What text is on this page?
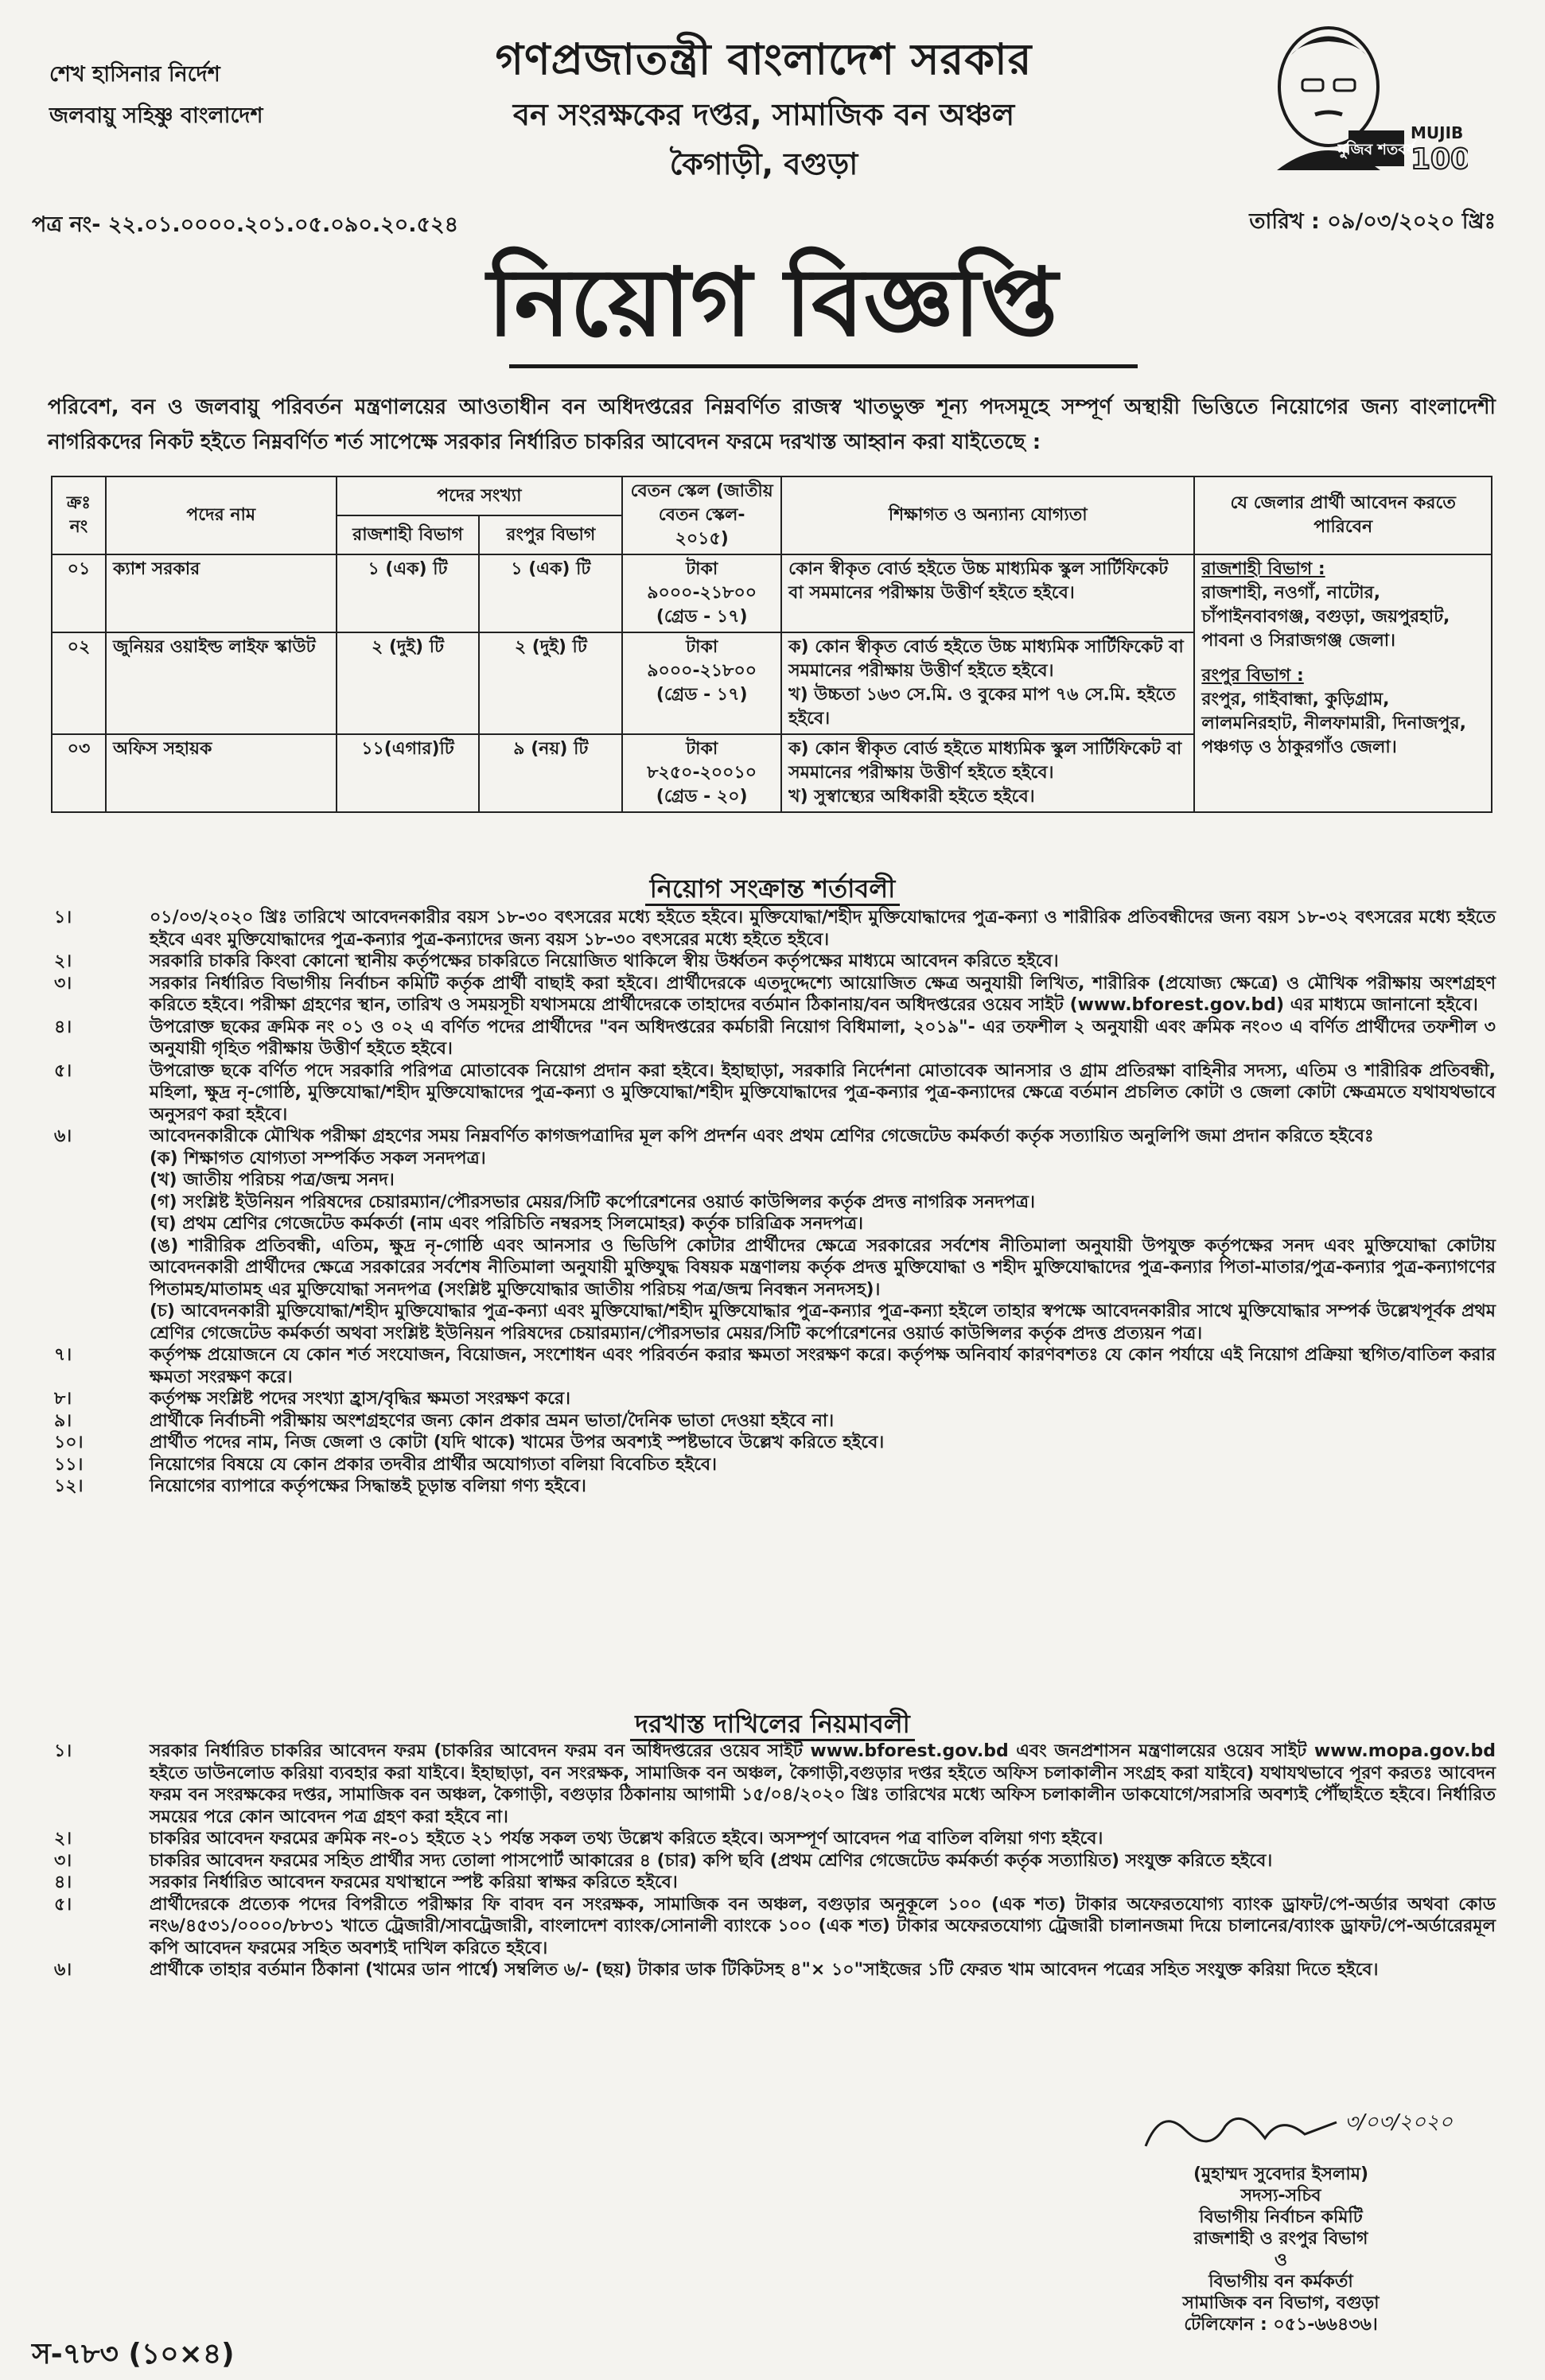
শেখ হাসিনার নির্দেশ
জলবায়ু সহিষ্ণু বাংলাদেশ
গণপ্রজাতন্ত্রী বাংলাদেশ সরকার
বন সংরক্ষকের দপ্তর, সামাজিক বন অঞ্চল
কৈগাড়ী, বগুড়া	মুজিব শতবর্ষ
MUJIB
100
পত্র নং- ২২.০১.০০০০.২০১.০৫.০৯০.২০.৫২৪	তারিখ : ০৯/০৩/২০২০ খ্রিঃ
নিয়োগ বিজ্ঞপ্তি
পরিবেশ, বন ও জলবায়ু পরিবর্তন মন্ত্রণালয়ের আওতাধীন বন অধিদপ্তরের নিম্নবর্ণিত রাজস্ব খাতভুক্ত শূন্য পদসমূহে সম্পূর্ণ অস্থায়ী ভিত্তিতে নিয়োগের জন্য বাংলাদেশী নাগরিকদের নিকট হইতে নিম্নবর্ণিত শর্ত সাপেক্ষে সরকার নির্ধারিত চাকরির আবেদন ফরমে দরখাস্ত আহ্বান করা যাইতেছে :
ক্রঃ নং	পদের নাম	পদের সংখ্যা		বেতন স্কেল (জাতীয় বেতন স্কেল- ২০১৫)	শিক্ষাগত ও অন্যান্য যোগ্যতা	যে জেলার প্রার্থী আবেদন করতে পারিবেন
		রাজশাহী বিভাগ	রংপুর বিভাগ			
০১	ক্যাশ সরকার	১ (এক) টি	১ (এক) টি	টাকা ৯০০০-২১৮০০ (গ্রেড - ১৭)	কোন স্বীকৃত বোর্ড হইতে উচ্চ মাধ্যমিক স্কুল সার্টিফিকেট বা সমমানের পরীক্ষায় উত্তীর্ণ হইতে হইবে।	রাজশাহী বিভাগ :
রাজশাহী, নওগাঁ, নাটোর, চাঁপাইনবাবগঞ্জ, বগুড়া, জয়পুরহাট, পাবনা ও সিরাজগঞ্জ জেলা।
রংপুর বিভাগ :
রংপুর, গাইবান্ধা, কুড়িগ্রাম, লালমনিরহাট, নীলফামারী, দিনাজপুর, পঞ্চগড় ও ঠাকুরগাঁও জেলা।

০২	জুনিয়র ওয়াইল্ড লাইফ স্কাউট	২ (দুই) টি	২ (দুই) টি	টাকা ৯০০০-২১৮০০ (গ্রেড - ১৭)	ক) কোন স্বীকৃত বোর্ড হইতে উচ্চ মাধ্যমিক সার্টিফিকেট বা সমমানের পরীক্ষায় উত্তীর্ণ হইতে হইবে।
খ) উচ্চতা ১৬৩ সে.মি. ও বুকের মাপ ৭৬ সে.মি. হইতে হইবে।	

০৩	অফিস সহায়ক	১১(এগার)টি	৯ (নয়) টি	টাকা ৮২৫০-২০০১০ (গ্রেড - ২০)	ক) কোন স্বীকৃত বোর্ড হইতে মাধ্যমিক স্কুল সার্টিফিকেট বা সমমানের পরীক্ষায় উত্তীর্ণ হইতে হইবে।
খ) সুস্বাস্থ্যের অধিকারী হইতে হইবে।	
নিয়োগ সংক্রান্ত শর্তাবলী
১।	০১/০৩/২০২০ খ্রিঃ তারিখে আবেদনকারীর বয়স ১৮-৩০ বৎসরের মধ্যে হইতে হইবে। মুক্তিযোদ্ধা/শহীদ মুক্তিযোদ্ধাদের পুত্র-কন্যা ও শারীরিক প্রতিবন্ধীদের জন্য বয়স ১৮-৩২ বৎসরের মধ্যে হইতে হইবে এবং মুক্তিযোদ্ধাদের পুত্র-কন্যার পুত্র-কন্যাদের জন্য বয়স ১৮-৩০ বৎসরের মধ্যে হইতে হইবে।
২।	সরকারি চাকরি কিংবা কোনো স্থানীয় কর্তৃপক্ষের চাকরিতে নিয়োজিত থাকিলে স্বীয় উর্ধ্বতন কর্তৃপক্ষের মাধ্যমে আবেদন করিতে হইবে।
৩।	সরকার নির্ধারিত বিভাগীয় নির্বাচন কমিটি কর্তৃক প্রার্থী বাছাই করা হইবে। প্রার্থীদেরকে এতদুদ্দেশ্যে আয়োজিত ক্ষেত্র অনুযায়ী লিখিত, শারীরিক (প্রযোজ্য ক্ষেত্রে) ও মৌখিক পরীক্ষায় অংশগ্রহণ করিতে হইবে। পরীক্ষা গ্রহণের স্থান, তারিখ ও সময়সূচী যথাসময়ে প্রার্থীদেরকে তাহাদের বর্তমান ঠিকানায়/বন অধিদপ্তরের ওয়েব সাইট (www.bforest.gov.bd) এর মাধ্যমে জানানো হইবে।
৪।	উপরোক্ত ছকের ক্রমিক নং ০১ ও ০২ এ বর্ণিত পদের প্রার্থীদের "বন অধিদপ্তরের কর্মচারী নিয়োগ বিধিমালা, ২০১৯"- এর তফশীল ২ অনুযায়ী এবং ক্রমিক নং০৩ এ বর্ণিত প্রার্থীদের তফশীল ৩ অনুযায়ী গৃহিত পরীক্ষায় উত্তীর্ণ হইতে হইবে।
৫।	উপরোক্ত ছকে বর্ণিত পদে সরকারি পরিপত্র মোতাবেক নিয়োগ প্রদান করা হইবে। ইহাছাড়া, সরকারি নির্দেশনা মোতাবেক আনসার ও গ্রাম প্রতিরক্ষা বাহিনীর সদস্য, এতিম ও শারীরিক প্রতিবন্ধী, মহিলা, ক্ষুদ্র নৃ-গোষ্ঠি, মুক্তিযোদ্ধা/শহীদ মুক্তিযোদ্ধাদের পুত্র-কন্যা ও মুক্তিযোদ্ধা/শহীদ মুক্তিযোদ্ধাদের পুত্র-কন্যার পুত্র-কন্যাদের ক্ষেত্রে বর্তমান প্রচলিত কোটা ও জেলা কোটা ক্ষেত্রমতে যথাযথভাবে অনুসরণ করা হইবে।
৬।	আবেদনকারীকে মৌখিক পরীক্ষা গ্রহণের সময় নিম্নবর্ণিত কাগজপত্রাদির মূল কপি প্রদর্শন এবং প্রথম শ্রেণির গেজেটেড কর্মকর্তা কর্তৃক সত্যায়িত অনুলিপি জমা প্রদান করিতে হইবেঃ
(ক) শিক্ষাগত যোগ্যতা সম্পর্কিত সকল সনদপত্র।
(খ) জাতীয় পরিচয় পত্র/জন্ম সনদ।
(গ) সংশ্লিষ্ট ইউনিয়ন পরিষদের চেয়ারম্যান/পৌরসভার মেয়র/সিটি কর্পোরেশনের ওয়ার্ড কাউন্সিলর কর্তৃক প্রদত্ত নাগরিক সনদপত্র।
(ঘ) প্রথম শ্রেণির গেজেটেড কর্মকর্তা (নাম এবং পরিচিতি নম্বরসহ সিলমোহর) কর্তৃক চারিত্রিক সনদপত্র।
(ঙ) শারীরিক প্রতিবন্ধী, এতিম, ক্ষুদ্র নৃ-গোষ্ঠি এবং আনসার ও ভিডিপি কোটার প্রার্থীদের ক্ষেত্রে সরকারের সর্বশেষ নীতিমালা অনুযায়ী উপযুক্ত কর্তৃপক্ষের সনদ এবং মুক্তিযোদ্ধা কোটায় আবেদনকারী প্রার্থীদের ক্ষেত্রে সরকারের সর্বশেষ নীতিমালা অনুযায়ী মুক্তিযুদ্ধ বিষয়ক মন্ত্রণালয় কর্তৃক প্রদত্ত মুক্তিযোদ্ধা ও শহীদ মুক্তিযোদ্ধাদের পুত্র-কন্যার পিতা-মাতার/পুত্র-কন্যার পুত্র-কন্যাগণের পিতামহ/মাতামহ এর মুক্তিযোদ্ধা সনদপত্র (সংশ্লিষ্ট মুক্তিযোদ্ধার জাতীয় পরিচয় পত্র/জন্ম নিবন্ধন সনদসহ)।
(চ) আবেদনকারী মুক্তিযোদ্ধা/শহীদ মুক্তিযোদ্ধার পুত্র-কন্যা এবং মুক্তিযোদ্ধা/শহীদ মুক্তিযোদ্ধার পুত্র-কন্যার পুত্র-কন্যা হইলে তাহার স্বপক্ষে আবেদনকারীর সাথে মুক্তিযোদ্ধার সম্পর্ক উল্লেখপূর্বক প্রথম শ্রেণির গেজেটেড কর্মকর্তা অথবা সংশ্লিষ্ট ইউনিয়ন পরিষদের চেয়ারম্যান/পৌরসভার মেয়র/সিটি কর্পোরেশনের ওয়ার্ড কাউন্সিলর কর্তৃক প্রদত্ত প্রত্যয়ন পত্র।
৭।	কর্তৃপক্ষ প্রয়োজনে যে কোন শর্ত সংযোজন, বিয়োজন, সংশোধন এবং পরিবর্তন করার ক্ষমতা সংরক্ষণ করে। কর্তৃপক্ষ অনিবার্য কারণবশতঃ যে কোন পর্যায়ে এই নিয়োগ প্রক্রিয়া স্থগিত/বাতিল করার ক্ষমতা সংরক্ষণ করে।
৮।	কর্তৃপক্ষ সংশ্লিষ্ট পদের সংখ্যা হ্রাস/বৃদ্ধির ক্ষমতা সংরক্ষণ করে।
৯।	প্রার্থীকে নির্বাচনী পরীক্ষায় অংশগ্রহণের জন্য কোন প্রকার ভ্রমন ভাতা/দৈনিক ভাতা দেওয়া হইবে না।
১০।	প্রার্থীত পদের নাম, নিজ জেলা ও কোটা (যদি থাকে) খামের উপর অবশ্যই স্পষ্টভাবে উল্লেখ করিতে হইবে।
১১।	নিয়োগের বিষয়ে যে কোন প্রকার তদবীর প্রার্থীর অযোগ্যতা বলিয়া বিবেচিত হইবে।
১২।	নিয়োগের ব্যাপারে কর্তৃপক্ষের সিদ্ধান্তই চূড়ান্ত বলিয়া গণ্য হইবে।
দরখাস্ত দাখিলের নিয়মাবলী
১।	সরকার নির্ধারিত চাকরির আবেদন ফরম (চাকরির আবেদন ফরম বন অধিদপ্তরের ওয়েব সাইট www.bforest.gov.bd এবং জনপ্রশাসন মন্ত্রণালয়ের ওয়েব সাইট www.mopa.gov.bd হইতে ডাউনলোড করিয়া ব্যবহার করা যাইবে। ইহাছাড়া, বন সংরক্ষক, সামাজিক বন অঞ্চল, কৈগাড়ী,বগুড়ার দপ্তর হইতে অফিস চলাকালীন সংগ্রহ করা যাইবে) যথাযথভাবে পূরণ করতঃ আবেদন ফরম বন সংরক্ষকের দপ্তর, সামাজিক বন অঞ্চল, কৈগাড়ী, বগুড়ার ঠিকানায় আগামী ১৫/০৪/২০২০ খ্রিঃ তারিখের মধ্যে অফিস চলাকালীন ডাকযোগে/সরাসরি অবশ্যই পৌঁছাইতে হইবে। নির্ধারিত সময়ের পরে কোন আবেদন পত্র গ্রহণ করা হইবে না।
২।	চাকরির আবেদন ফরমের ক্রমিক নং-০১ হইতে ২১ পর্যন্ত সকল তথ্য উল্লেখ করিতে হইবে। অসম্পূর্ণ আবেদন পত্র বাতিল বলিয়া গণ্য হইবে।
৩।	চাকরির আবেদন ফরমের সহিত প্রার্থীর সদ্য তোলা পাসপোর্ট আকারের ৪ (চার) কপি ছবি (প্রথম শ্রেণির গেজেটেড কর্মকর্তা কর্তৃক সত্যায়িত) সংযুক্ত করিতে হইবে।
৪।	সরকার নির্ধারিত আবেদন ফরমের যথাস্থানে স্পষ্ট করিয়া স্বাক্ষর করিতে হইবে।
৫।	প্রার্থীদেরকে প্রত্যেক পদের বিপরীতে পরীক্ষার ফি বাবদ বন সংরক্ষক, সামাজিক বন অঞ্চল, বগুড়ার অনুকূলে ১০০ (এক শত) টাকার অফেরতযোগ্য ব্যাংক ড্রাফট/পে-অর্ডার অথবা কোড নং৬/৪৫৩১/০০০০/৮৮৩১ খাতে ট্রেজারী/সাবট্রেজারী, বাংলাদেশ ব্যাংক/সোনালী ব্যাংকে ১০০ (এক শত) টাকার অফেরতযোগ্য ট্রেজারী চালানজমা দিয়ে চালানের/ব্যাংক ড্রাফট/পে-অর্ডারেরমূল কপি আবেদন ফরমের সহিত অবশ্যই দাখিল করিতে হইবে।
৬।	প্রার্থীকে তাহার বর্তমান ঠিকানা (খামের ডান পার্শ্বে) সম্বলিত ৬/- (ছয়) টাকার ডাক টিকিটসহ ৪"× ১০"সাইজের ১টি ফেরত খাম আবেদন পত্রের সহিত সংযুক্ত করিয়া দিতে হইবে।
৩/০৩/২০২০
(মুহাম্মদ সুবেদার ইসলাম)
সদস্য-সচিব
বিভাগীয় নির্বাচন কমিটি
রাজশাহী ও রংপুর বিভাগ
ও
বিভাগীয় বন কর্মকর্তা
সামাজিক বন বিভাগ, বগুড়া
টেলিফোন : ০৫১-৬৬৪৩৬।
স-৭৮৩ (১০×৪)
